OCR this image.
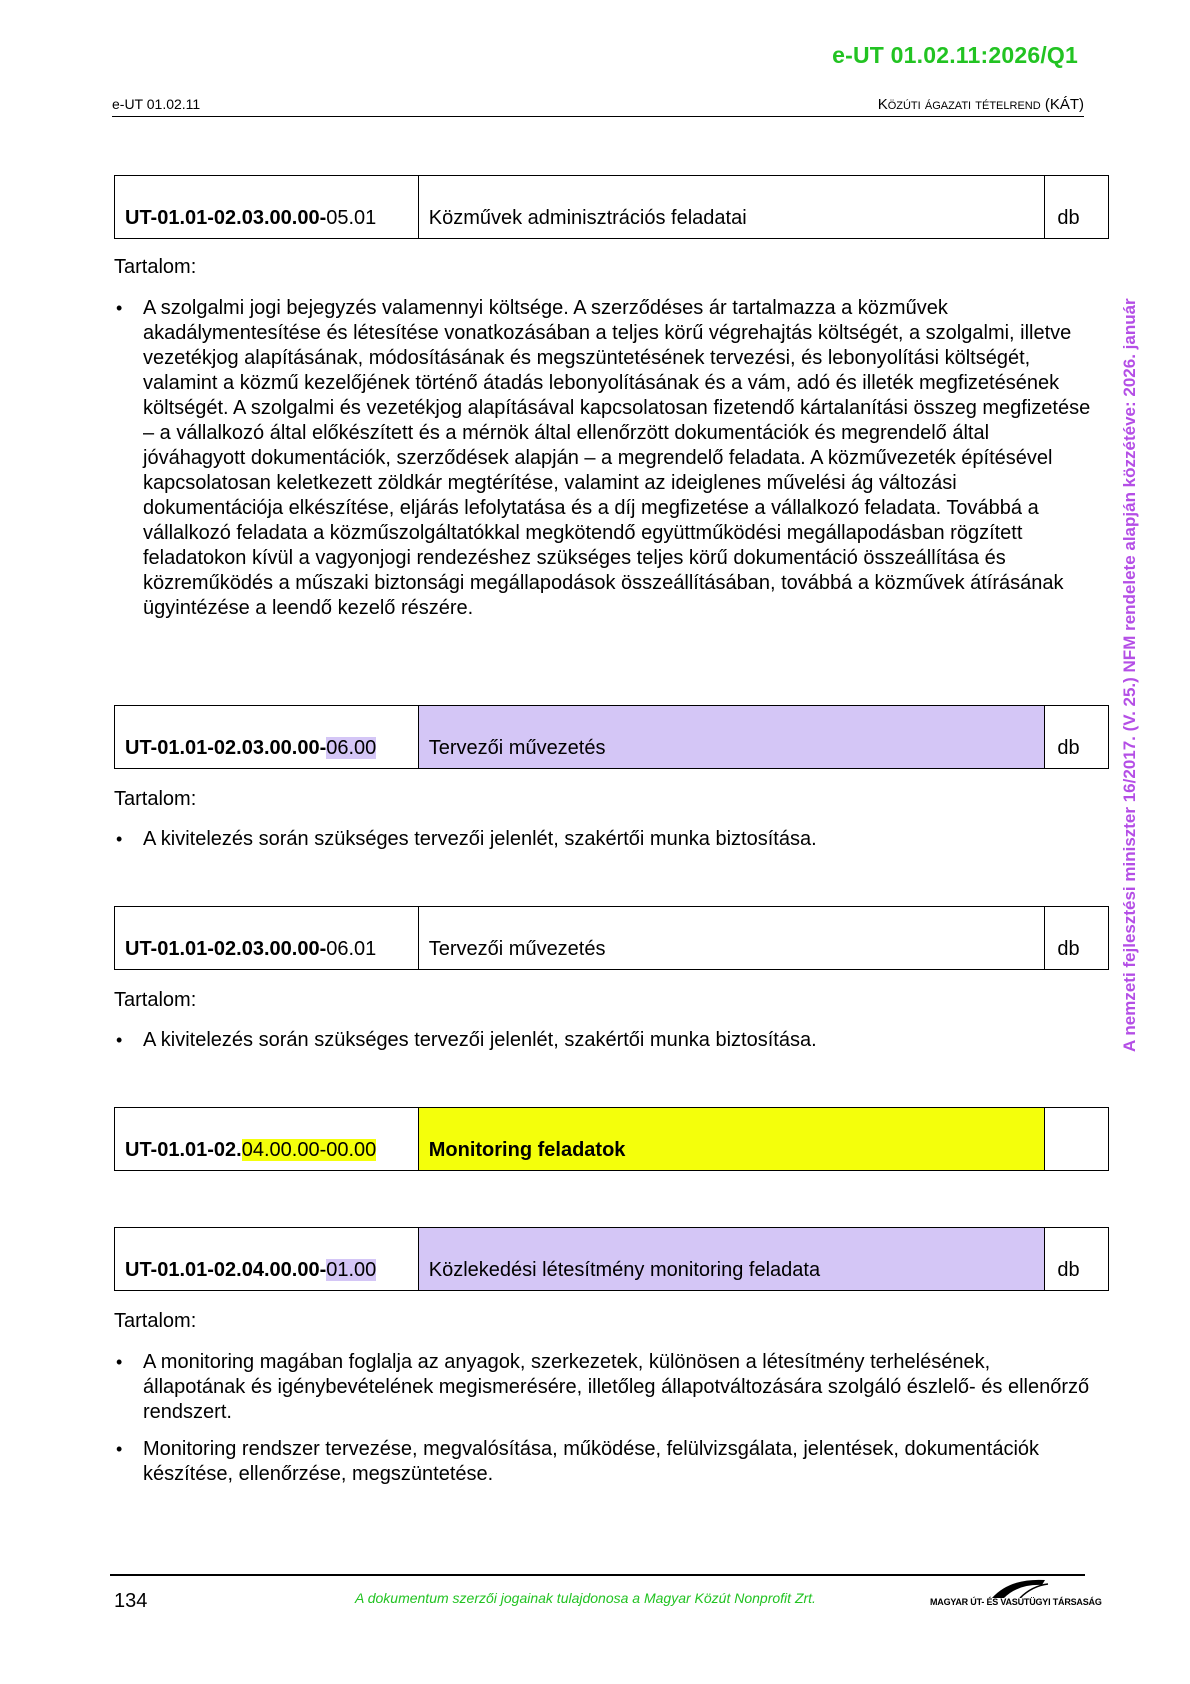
e-UT 01.02.11:2026/Q1
e-UT 01.02.11	Közúti ágazati tételrend (KÁT)
A nemzeti fejlesztési miniszter 16/2017. (V. 25.) NFM rendelete alapján közzétéve: 2026. január
UT-01.01-02.03.00.00-05.01	Közművek adminisztrációs feladatai	db
Tartalom:
• A szolgalmi jogi bejegyzés valamennyi költsége. A szerződéses ár tartalmazza a közművek akadálymentesítése és létesítése vonatkozásában a teljes körű végrehajtás költségét, a szolgalmi, illetve vezetékjog alapításának, módosításának és megszüntetésének tervezési, és lebonyolítási költségét, valamint a közmű kezelőjének történő átadás lebonyolításának és a vám, adó és illeték megfizetésének költségét. A szolgalmi és vezetékjog alapításával kapcsolatosan fizetendő kártalanítási összeg megfizetése – a vállalkozó által előkészített és a mérnök által ellenőrzött dokumentációk és megrendelő által jóváhagyott dokumentációk, szerződések alapján – a megrendelő feladata. A közművezeték építésével kapcsolatosan keletkezett zöldkár megtérítése, valamint az ideiglenes művelési ág változási dokumentációja elkészítése, eljárás lefolytatása és a díj megfizetése a vállalkozó feladata. Továbbá a vállalkozó feladata a közműszolgáltatókkal megkötendő együttműködési megállapodásban rögzített feladatokon kívül a vagyonjogi rendezéshez szükséges teljes körű dokumentáció összeállítása és közreműködés a műszaki biztonsági megállapodások összeállításában, továbbá a közművek átírásának ügyintézése a leendő kezelő részére.
UT-01.01-02.03.00.00-06.00	Tervezői művezetés	db
Tartalom:
• A kivitelezés során szükséges tervezői jelenlét, szakértői munka biztosítása.
UT-01.01-02.03.00.00-06.01	Tervezői művezetés	db
Tartalom:
• A kivitelezés során szükséges tervezői jelenlét, szakértői munka biztosítása.
UT-01.01-02.04.00.00-00.00	Monitoring feladatok	
UT-01.01-02.04.00.00-01.00	Közlekedési létesítmény monitoring feladata	db
Tartalom:
• A monitoring magában foglalja az anyagok, szerkezetek, különösen a létesítmény terhelésének, állapotának és igénybevételének megismerésére, illetőleg állapotváltozására szolgáló észlelő- és ellenőrző rendszert.
• Monitoring rendszer tervezése, megvalósítása, működése, felülvizsgálata, jelentések, dokumentációk készítése, ellenőrzése, megszüntetése.
134	A dokumentum szerzői jogainak tulajdonosa a Magyar Közút Nonprofit Zrt.	MAGYAR ÚT- ÉS VASÚTÜGYI TÁRSASÁG
